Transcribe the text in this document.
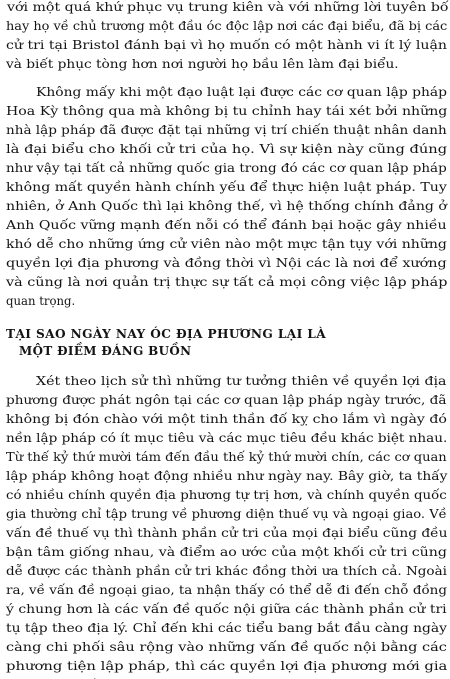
với một quá khứ phục vụ trung kiên và với những lời tuyên bố

hay họ về chủ trương một đầu óc độc lập nơi các đại biểu, đã bị các

cử tri tại Bristol đánh bại vì họ muốn có một hành vi ít lý luận

và biết phục tòng hơn nơi người họ bầu lên làm đại biểu.

Không mấy khi một đạo luật lại được các cơ quan lập pháp

Hoa Kỳ thông qua mà không bị tu chỉnh hay tái xét bởi những

nhà lập pháp đã được đặt tại những vị trí chiến thuật nhân danh

là đại biểu cho khối cử tri của họ. Vì sự kiện này cũng đúng

như vậy tại tất cả những quốc gia trong đó các cơ quan lập pháp

không mất quyền hành chính yếu để thực hiện luật pháp. Tuy

nhiên, ở Anh Quốc thì lại không thế, vì hệ thống chính đảng ở

Anh Quốc vững mạnh đến nỗi có thể đánh bại hoặc gây nhiều

khó dễ cho những ứng cử viên nào một mực tận tụy với những

quyền lợi địa phương và đồng thời vì Nội các là nơi để xướng

và cũng là nơi quản trị thực sự tất cả mọi công việc lập pháp

quan trọng.

TẠI SAO NGÀY NAY ÓC ĐỊA PHƯƠNG LẠI LÀ

MỘT ĐIỀM ĐÁNG BUỒN

Xét theo lịch sử thì những tư tưởng thiên về quyền lợi địa

phương được phát ngôn tại các cơ quan lập pháp ngày trước, đã

không bị đón chào với một tinh thần đố kỵ cho lắm vì ngày đó

nền lập pháp có ít mục tiêu và các mục tiêu đều khác biệt nhau.

Từ thế kỷ thứ mười tám đến đầu thế kỷ thứ mười chín, các cơ quan

lập pháp không hoạt động nhiều như ngày nay. Bây giờ, ta thấy

có nhiều chính quyền địa phương tự trị hơn, và chính quyền quốc

gia thường chỉ tập trung về phương diện thuế vụ và ngoại giao. Về

vấn đề thuế vụ thì thành phần cử tri của mọi đại biểu cũng đều

bận tâm giống nhau, và điểm ao ước của một khối cử tri cũng

dễ được các thành phần cử tri khác đồng thời ưa thích cả. Ngoài

ra, về vấn đề ngoại giao, ta nhận thấy có thể dễ đi đến chỗ đồng

ý chung hơn là các vấn đề quốc nội giữa các thành phần cử tri

tụ tập theo địa lý. Chỉ đến khi các tiểu bang bắt đầu càng ngày

càng chi phối sâu rộng vào những vấn đề quốc nội bằng các

phương tiện lập pháp, thì các quyền lợi địa phương mới gia
